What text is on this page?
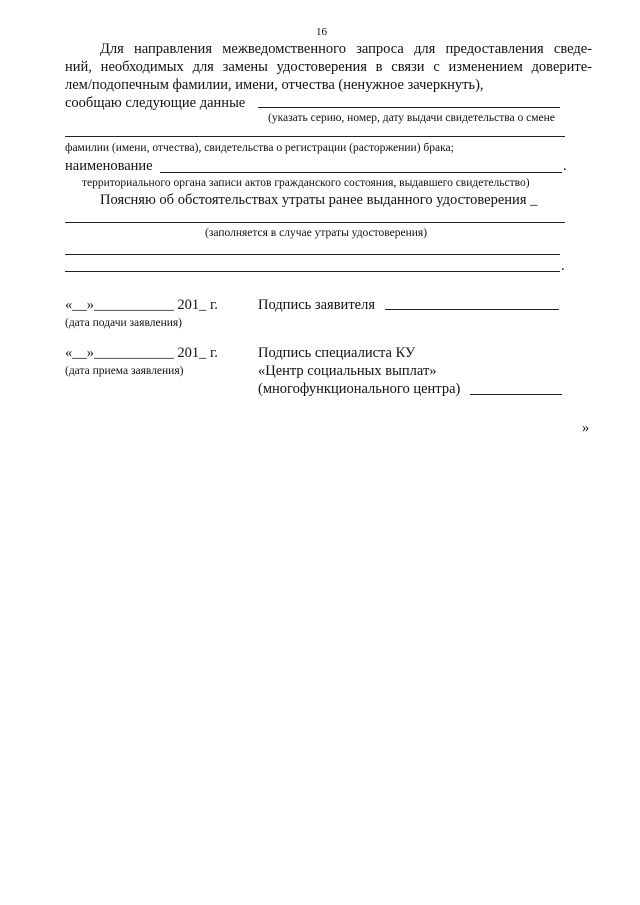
16
Для направления межведомственного запроса для предоставления сведе-
ний, необходимых для замены удостоверения в связи с изменением доверите-
лем/подопечным фамилии, имени, отчества (ненужное зачеркнуть),
сообщаю следующие данные
(указать серию, номер, дату выдачи свидетельства о смене
фамилии (имени, отчества), свидетельства о регистрации (расторжении) брака;
наименование	.
территориального органа записи актов гражданского состояния, выдавшего свидетельство)
Поясняю об обстоятельствах утраты ранее выданного удостоверения _
(заполняется в случае утраты удостоверения)
.
«__»___________ 201_ г.
(дата подачи заявления)
Подпись заявителя
«__»___________ 201_ г.
(дата приема заявления)
Подпись специалиста КУ
«Центр социальных выплат»
(многофункционального центра)
»
